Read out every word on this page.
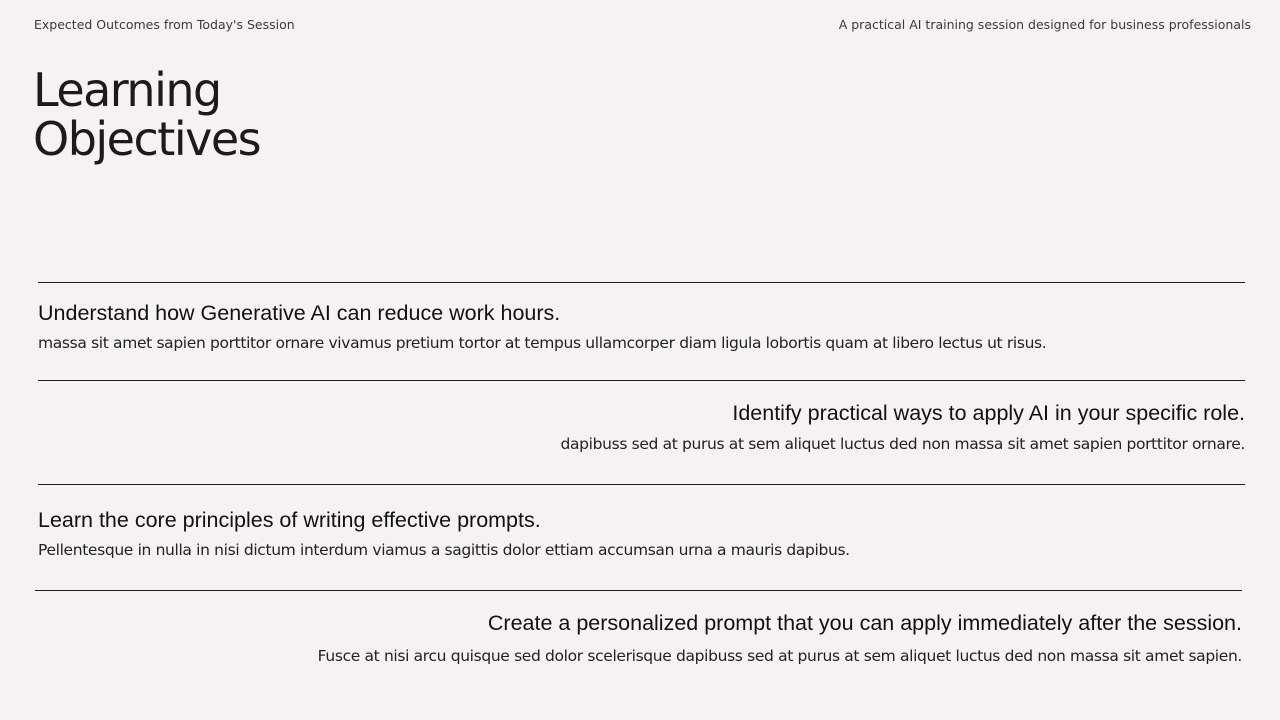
Expected Outcomes from Today's Session	A practical AI training session designed for business professionals
Learning
Objectives
Understand how Generative AI can reduce work hours.
massa sit amet sapien porttitor ornare vivamus pretium tortor at tempus ullamcorper diam ligula lobortis quam at libero lectus ut risus.
Identify practical ways to apply AI in your specific role.
dapibuss sed at purus at sem aliquet luctus ded non massa sit amet sapien porttitor ornare.
Learn the core principles of writing effective prompts.
Pellentesque in nulla in nisi dictum interdum viamus a sagittis dolor ettiam accumsan urna a mauris dapibus.
Create a personalized prompt that you can apply immediately after the session.
Fusce at nisi arcu quisque sed dolor scelerisque dapibuss sed at purus at sem aliquet luctus ded non massa sit amet sapien.
